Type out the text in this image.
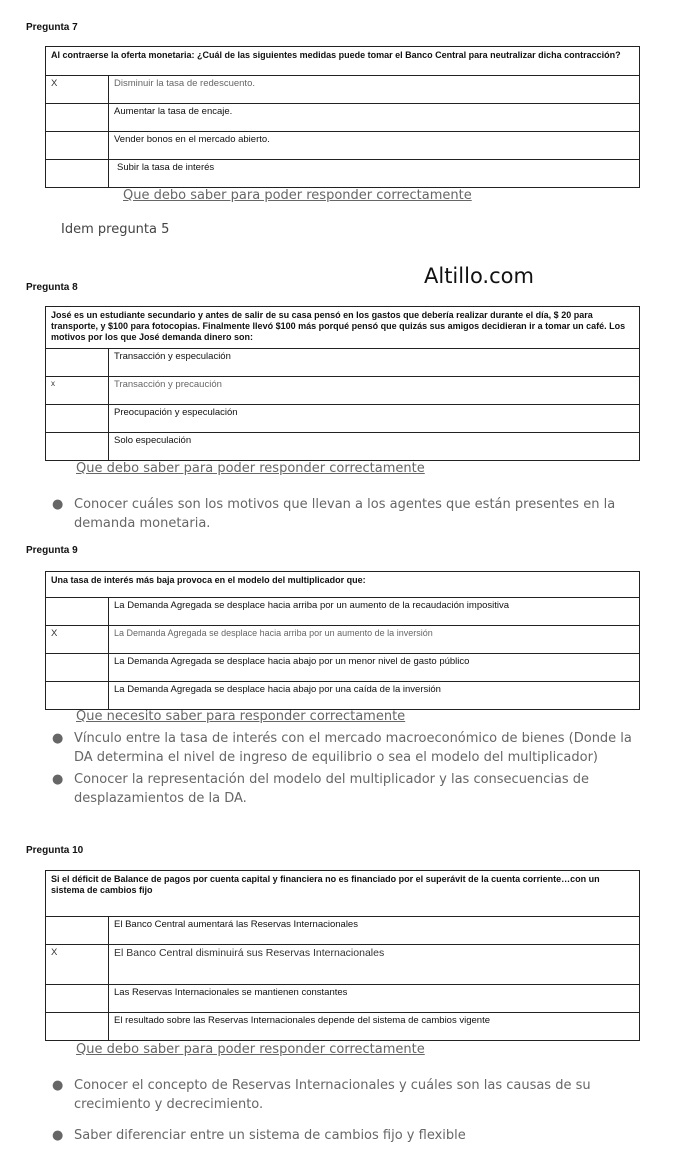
Pregunta 7
Al contraerse la oferta monetaria: ¿Cuál de las siguientes medidas puede tomar el Banco Central para neutralizar dicha contracción?	
X	Disminuir la tasa de redescuento.
	Aumentar la tasa de encaje.
	Vender bonos en el mercado abierto.
	Subir la tasa de interés
Que debo saber para poder responder correctamente
Idem pregunta 5
Altillo.com
Pregunta 8
José es un estudiante secundario y antes de salir de su casa pensó en los gastos que debería realizar durante el día, $ 20 para transporte, y $100 para fotocopias. Finalmente llevó $100 más porqué pensó que quizás sus amigos decidieran ir a tomar un café. Los motivos por los que José demanda dinero son:	
	Transacción y especulación
x	Transacción y precaución
	Preocupación y especulación
	Solo especulación
Que debo saber para poder responder correctamente
● Conocer cuáles son los motivos que llevan a los agentes que están presentes en la demanda monetaria.
Pregunta 9
Una tasa de interés más baja provoca en el modelo del multiplicador que:	
	La Demanda Agregada se desplace hacia arriba por un aumento de la recaudación impositiva
X	La Demanda Agregada se desplace hacia arriba por un aumento de la inversión
	La Demanda Agregada se desplace hacia abajo por un menor nivel de gasto público
	La Demanda Agregada se desplace hacia abajo por una caída de la inversión
Que necesito saber para responder correctamente
● Vínculo entre la tasa de interés con el mercado macroeconómico de bienes (Donde la DA determina el nivel de ingreso de equilibrio o sea el modelo del multiplicador)
● Conocer la representación del modelo del multiplicador y las consecuencias de desplazamientos de la DA.
Pregunta 10
Si el déficit de Balance de pagos por cuenta capital y financiera no es financiado por el superávit de la cuenta corriente…con un sistema de cambios fijo	
	El Banco Central aumentará las Reservas Internacionales
X	El Banco Central disminuirá sus Reservas Internacionales
	Las Reservas Internacionales se mantienen constantes
	El resultado sobre las Reservas Internacionales depende del sistema de cambios vigente
Que debo saber para poder responder correctamente
● Conocer el concepto de Reservas Internacionales y cuáles son las causas de su crecimiento y decrecimiento.
● Saber diferenciar entre un sistema de cambios fijo y flexible
